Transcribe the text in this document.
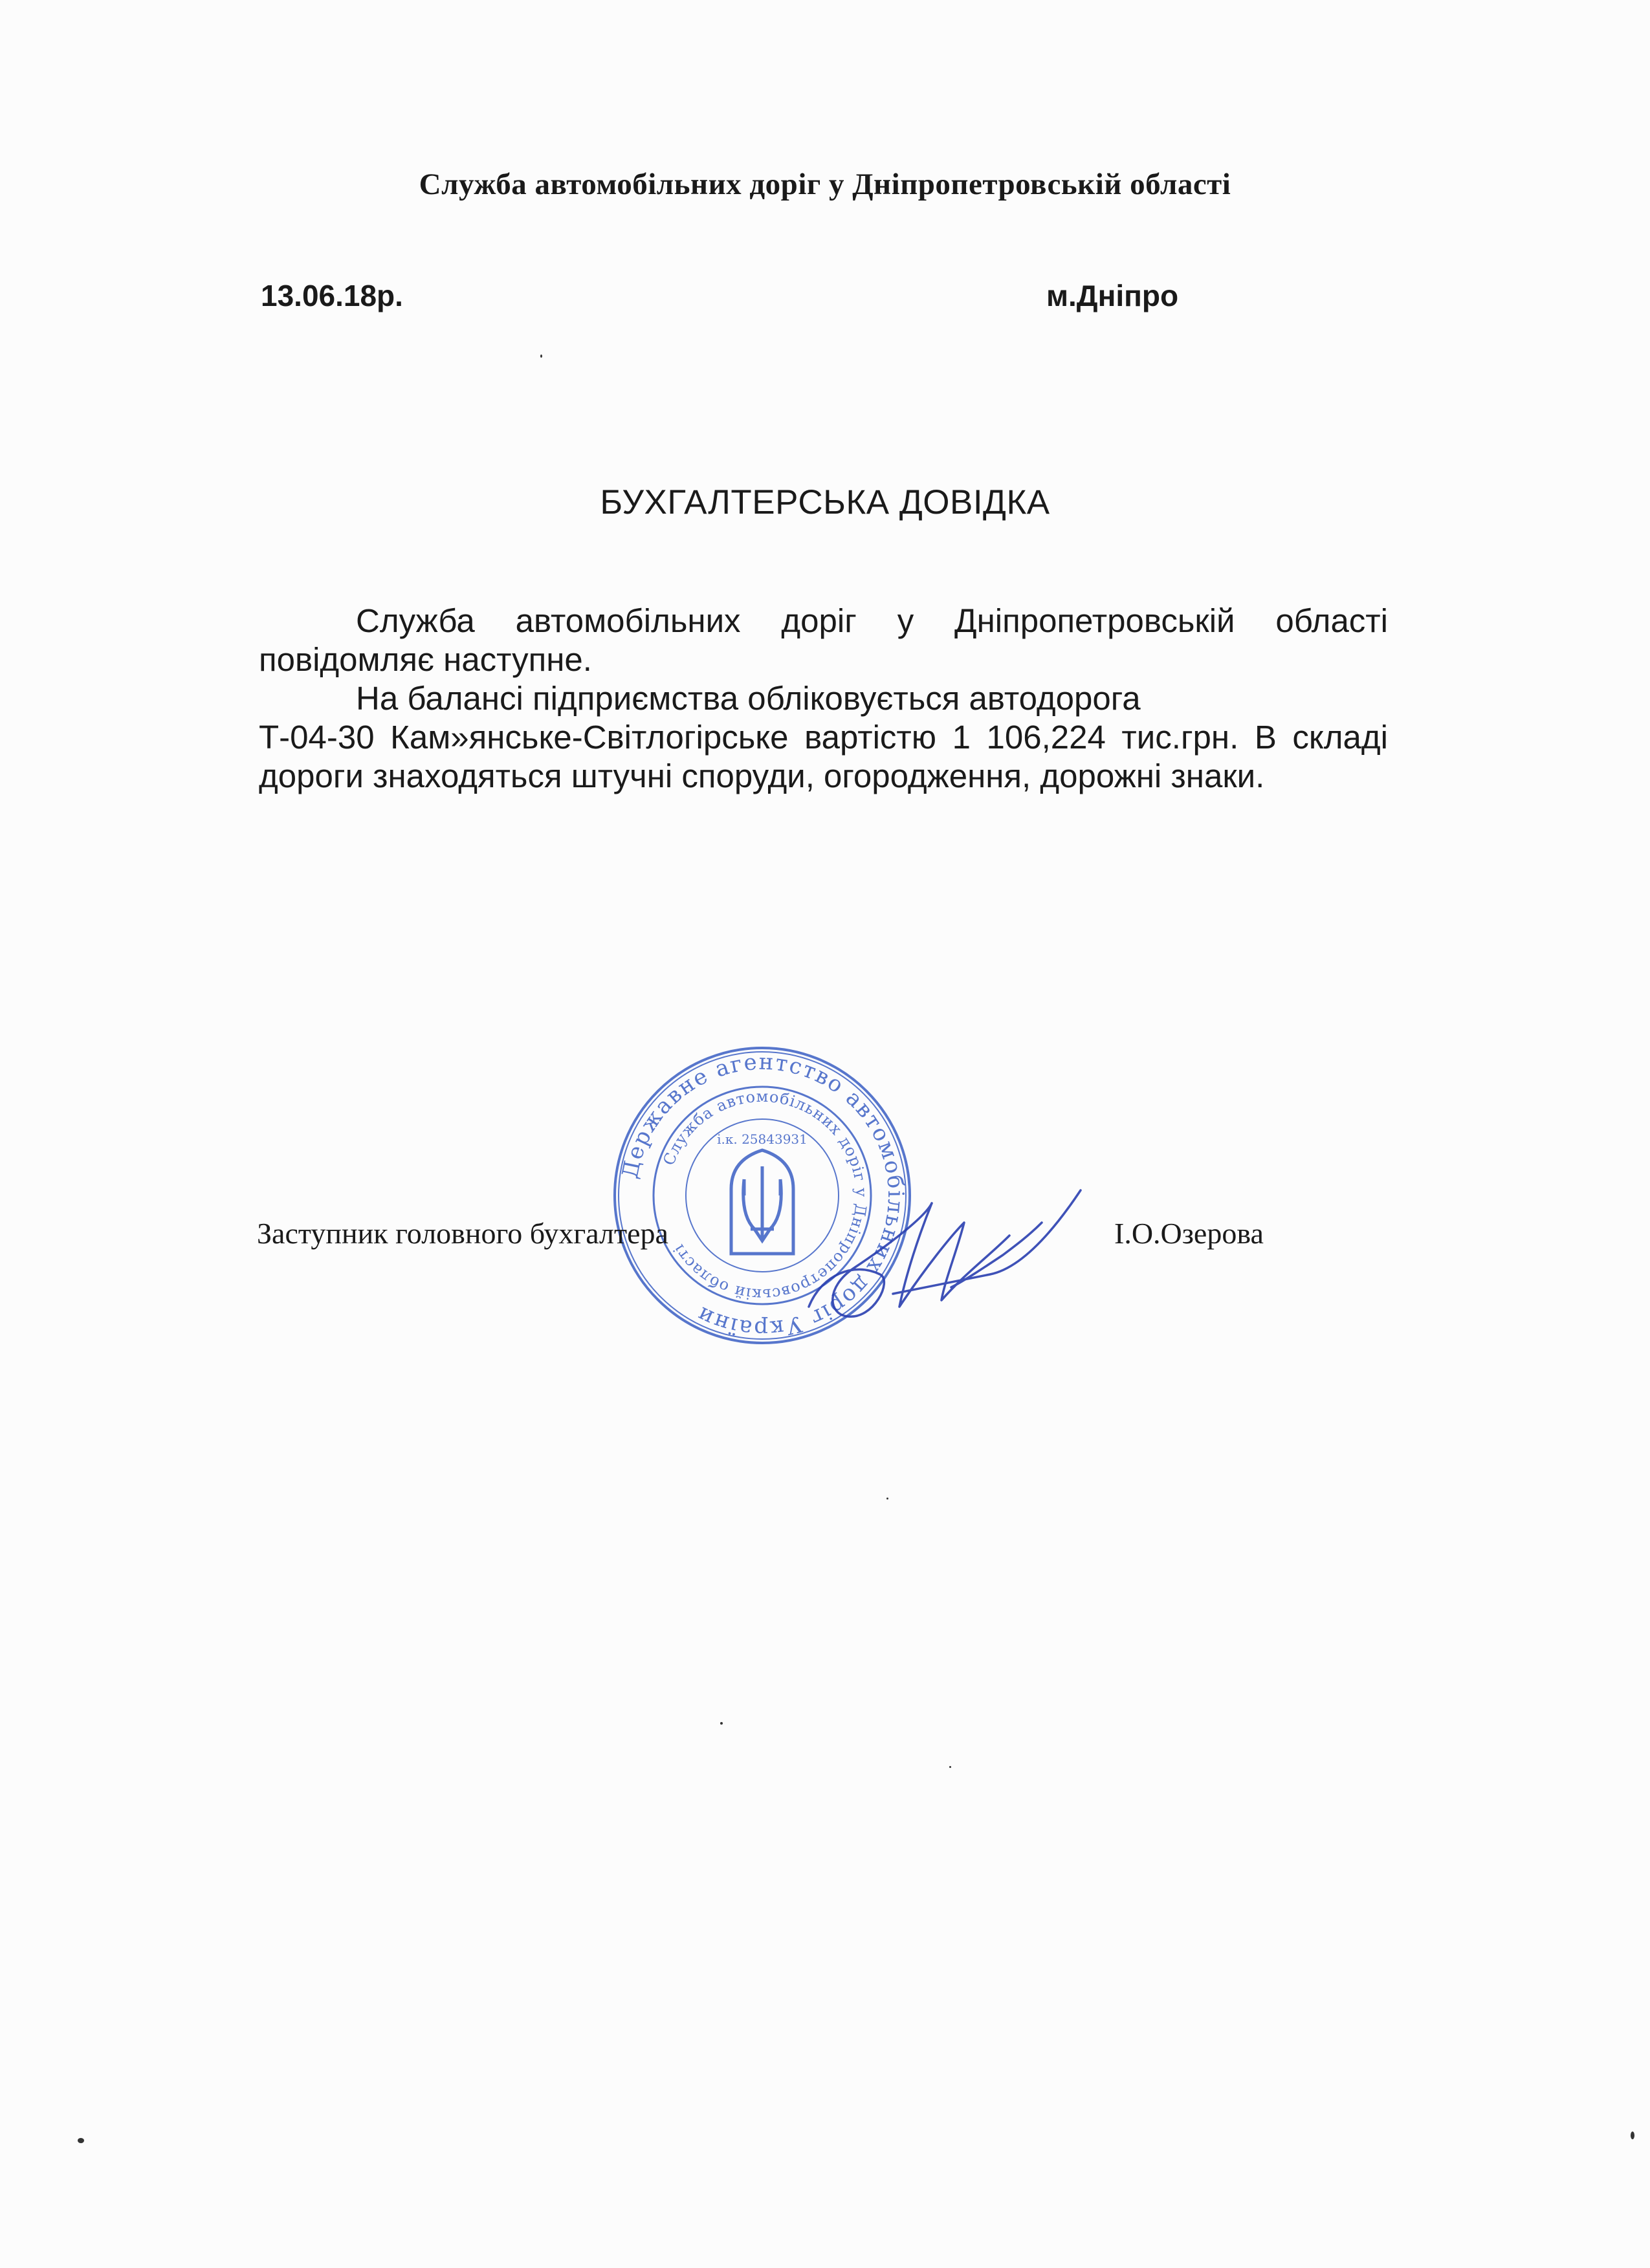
Служба автомобільних доріг у Дніпропетровській області
13.06.18р.	м.Дніпро
БУХГАЛТЕРСЬКА ДОВІДКА

Служба автомобільних доріг у Дніпропетровській області повідомляє наступне.

На балансі підприємства обліковується автодорога
Т-04-30 Кам»янське-Світлогірське вартістю 1 106,224 тис.грн. В складі дороги знаходяться штучні споруди, огородження, дорожні знаки.

Державне агентство автомобільних доріг України
Служба автомобільних доріг у Дніпропетровській області
і.к. 25843931
Заступник головного бухгалтера	І.О.Озерова
